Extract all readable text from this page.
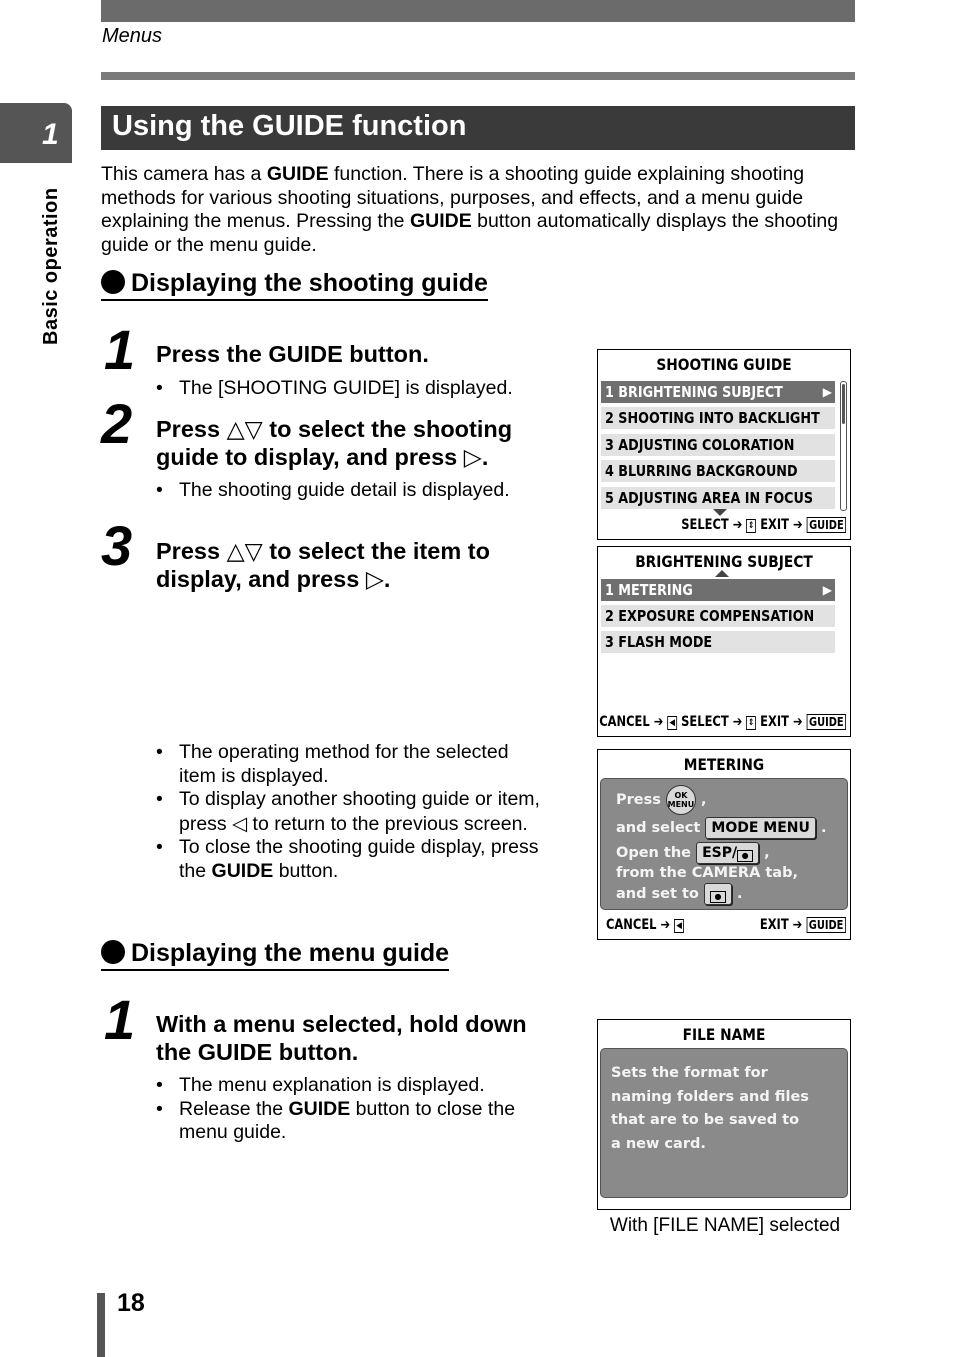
Menus
1
Basic operation
Using the GUIDE function
This camera has a GUIDE function. There is a shooting guide explaining shooting methods for various shooting situations, purposes, and effects, and a menu guide explaining the menus. Pressing the GUIDE button automatically displays the shooting guide or the menu guide.
Displaying the shooting guide
1 Press the GUIDE button.
• The [SHOOTING GUIDE] is displayed.
2 Press △▽ to select the shooting guide to display, and press ▷.
• The shooting guide detail is displayed.
3 Press △▽ to select the item to display, and press ▷.
• The operating method for the selected item is displayed.
• To display another shooting guide or item, press ◁ to return to the previous screen.
• To close the shooting guide display, press the GUIDE button.
Displaying the menu guide
1 With a menu selected, hold down the GUIDE button.
• The menu explanation is displayed.
• Release the GUIDE button to close the menu guide.
SHOOTING GUIDE
1 BRIGHTENING SUBJECT	▶
2 SHOOTING INTO BACKLIGHT
3 ADJUSTING COLORATION
4 BLURRING BACKGROUND
5 ADJUSTING AREA IN FOCUS
SELECT ➔ ⇕ EXIT ➔ GUIDE
BRIGHTENING SUBJECT
1 METERING	▶
2 EXPOSURE COMPENSATION
3 FLASH MODE
CANCEL ➔ ◀ SELECT ➔ ⇕ EXIT ➔ GUIDE
METERING
Press OK
MENU ,
and select MODE MENU .
Open the ESP/ ● ,
from the CAMERA tab,
and set to ● .
CANCEL ➔ ◀	EXIT ➔ GUIDE
FILE NAME
Sets the format for
naming folders and files
that are to be saved to
a new card.
With [FILE NAME] selected
18
